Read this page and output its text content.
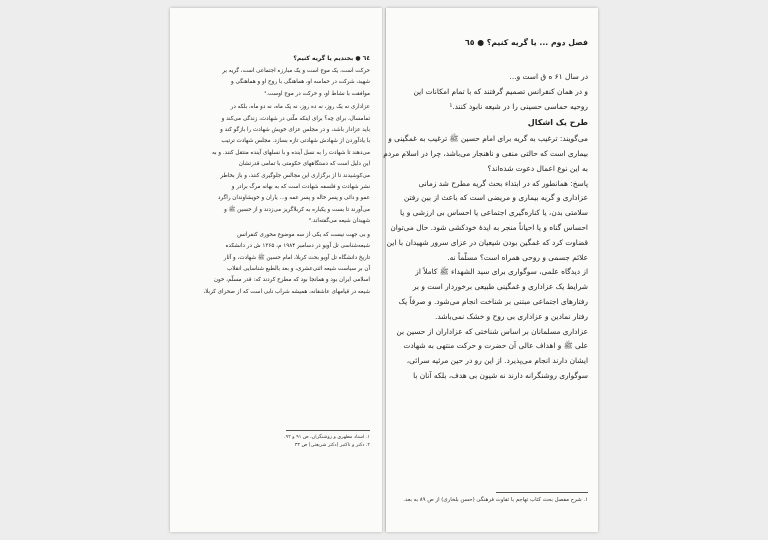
٦٤ ● بخندیم یا گریه کنیم؟
حرکت است، یک موج است و یک مبارزه اجتماعی است، گریه بر
شهید، شرکت در حماسه او، هماهنگی با روح او و هماهنگی و
موافقت با نشاط او، و حرکت در موج اوست.¹
عزاداری نه یک روز، نه ده روز، نه یک ماه، نه دو ماه، بلکه در
تمامسال، برای چه؟ برای اینکه ملّتی در شهادت، زندگی می‌کند و
باید عزادار باشد، و در مجلس عزای خویش شهادت را بازگو کند و
با یادآوردن از شهادش شهادتی تازه بسازد. مجلس شهادت ترتیب
می‌دهند تا شهادت را به نسل آینده و با نسلهای آینده منتقل کنند. و به
این دلیل است که دستگاههای حکومتی با تمامی قدرتشان
می‌کوشیدند تا از برگزاری این مجالس جلوگیری کنند، و باز بخاطر
نشر شهادت و فلسفه شهادت است که به بهانه مرگ برادر و
عمو و دائی و پسر خاله و پسر عمه و... یاران و خویشاوندان راگرد
می‌آورند تا بست و یکباره به کربلاگریز می‌زدند و از حسین ﷺ و
شهیدان شیعه می‌گفته‌اند.²
و بی جهت نیست که یکی از سه موضوع محوری کنفرانس
شیعه‌شناسی تل آویو در دسامبر ۱۹۸۴ م، ۱۳۶۵ ش در دانشکده
تاریخ دانشگاه تل آویو بحث کربلا، امام حسین ﷺ شهادت، و آثار
آن بر سیاست شیعه اثنی‌عشری، و بعد بالطبع شناسایی انقلاب
اسلامی ایران بود و همانجا بود که مطرح کردند که: قدر مسلّم، خون
شیعه در قیامهای عاشقانه، همیشه شراب نابی است که از صحرای کربلا،
۱. استاد مطهری و روشنگران، ص ۹۱ و ۹۲.
۲. دکتر و تاکتیر (دکتر شریعتی) ص ۳۳
فصل دوم ... یا گریه کنیم؟ ● ٦٥
در سال ۶۱ ه ق است و...
و در همان کنفرانس تصمیم گرفتند که با تمام امکانات این
روحیه حماسی حسینی را در شیعه نابود کنند.¹
طرح یک اشکال
می‌گویند: ترغیب به گریه برای امام حسین ﷺ ترغیب به غمگینی و
بیماری است که حالتی منفی و ناهنجار می‌باشد، چرا در اسلام مردم
به این نوع اعمال دعوت شده‌اند؟
پاسخ: همانطور که در ابتداء بحث گریه مطرح شد زمانی
عزاداری و گریه بیماری و مریضی است که باعث از بین رفتن
سلامتی بدن، یا کناره‌گیری اجتماعی یا احساس بی ارزشی و یا
احساس گناه و یا احیاناً منجر به ایدهٔ خودکشی شود. حال می‌توان
قضاوت کرد که غمگین بودن شیعیان در عزای سرور شهیدان با این
علائم جسمی و روحی همراه است؟ مسلّماً نه.
از دیدگاه علمی، سوگواری برای سید الشهداء ﷺ کاملاً از
شرایط یک عزاداری و غمگینی طبیعی برخوردار است و بر
رفتارهای اجتماعی مبتنی بر شناخت انجام می‌شود. و صرفاً یک
رفتار نمادین و عزاداری بی روح و خشک نمی‌باشد.
عزاداری مسلمانان بر اساس شناختی که عزاداران از حسین بن
علی ﷺ و اهداف عالی آن حضرت و حرکت منتهی به شهادت
ایشان دارند انجام می‌پذیرد. از این رو در حین مرثیه سرائی،
سوگواری روشنگرانه دارند نه شیون بی هدف، بلکه آنان با
۱. شرح مفصل بحث کتاب تهاجم با تفاوت فرهنگی (حسن بلخاری) از ص ۸۹ به بعد.
